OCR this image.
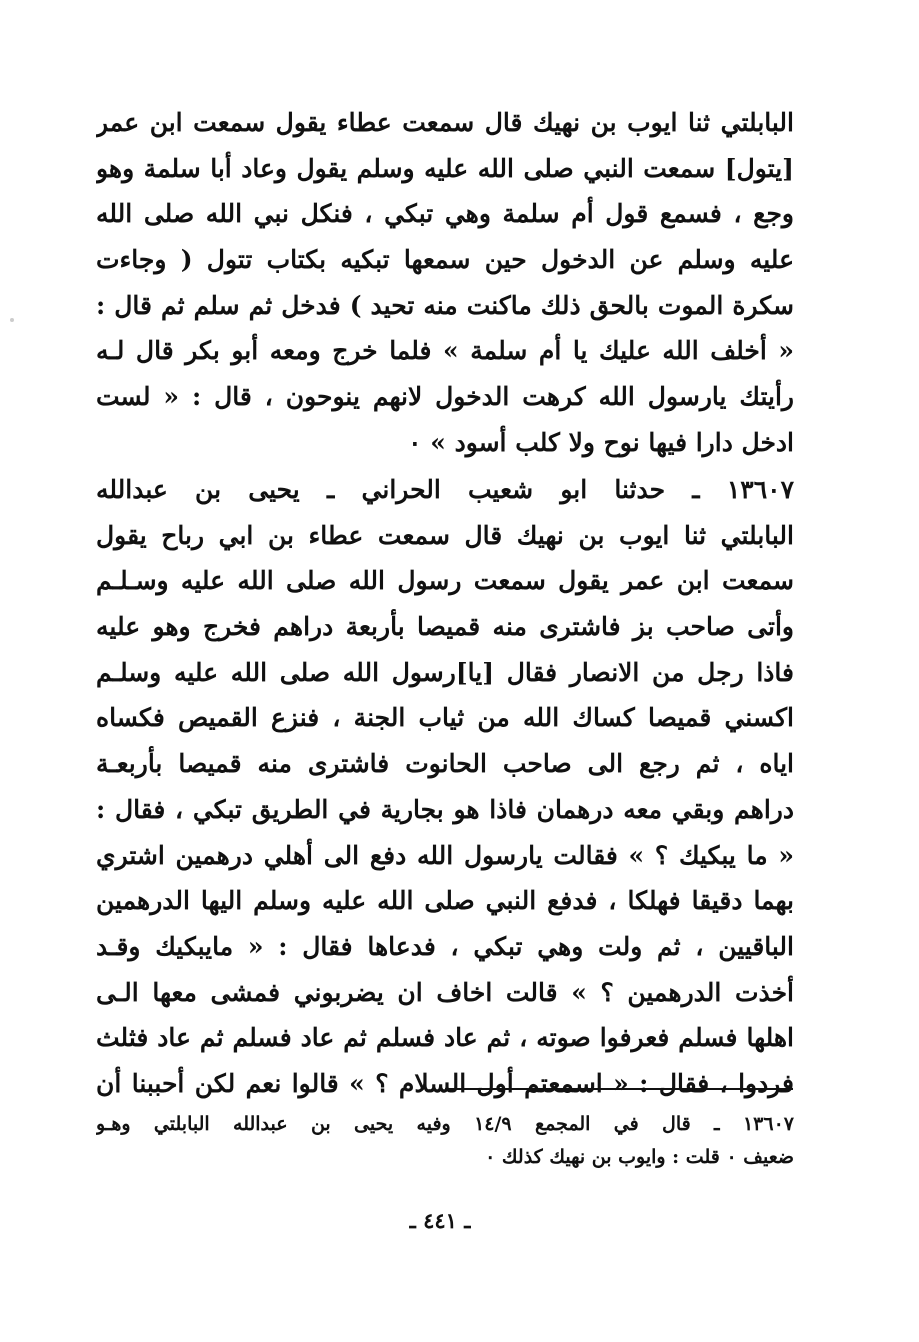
البابلتي ثنا ايوب بن نهيك قال سمعت عطاء يقول سمعت ابن عمر
[يتول] سمعت النبي صلى الله عليه وسلم يقول وعاد أبا سلمة وهو
وجع ، فسمع قول أم سلمة وهي تبكي ، فنكل نبي الله صلى الله
عليه وسلم عن الدخول حين سمعها تبكيه بكتاب تتول ( وجاءت
سكرة الموت بالحق ذلك ماكنت منه تحيد ) فدخل ثم سلم ثم قال :
« أخلف الله عليك يا أم سلمة » فلما خرج ومعه أبو بكر قال لـه
رأيتك يارسول الله كرهت الدخول لانهم ينوحون ، قال : « لست
ادخل دارا فيها نوح ولا كلب أسود » ٠
١٣٦٠٧ ـ حدثنا ابو شعيب الحراني ـ يحيى بن عبدالله
البابلتي ثنا ايوب بن نهيك قال سمعت عطاء بن ابي رباح يقول
سمعت ابن عمر يقول سمعت رسول الله صلى الله عليه وسـلـم
وأتى صاحب بز فاشترى منه قميصا بأربعة دراهم فخرج وهو عليه
فاذا رجل من الانصار فقال [يا]رسول الله صلى الله عليه وسلـم
اكسني قميصا كساك الله من ثياب الجنة ، فنزع القميص فكساه
اياه ، ثم رجع الى صاحب الحانوت فاشترى منه قميصا بأربعـة
دراهم وبقي معه درهمان فاذا هو بجارية في الطريق تبكي ، فقال :
« ما يبكيك ؟ » فقالت يارسول الله دفع الى أهلي درهمين اشتري
بهما دقيقا فهلكا ، فدفع النبي صلى الله عليه وسلم اليها الدرهمين
الباقيين ، ثم ولت وهي تبكي ، فدعاها فقال : « مايبكيك وقـد
أخذت الدرهمين ؟ » قالت اخاف ان يضربوني فمشى معها الـى
اهلها فسلم فعرفوا صوته ، ثم عاد فسلم ثم عاد فسلم ثم عاد فثلث
فردوا ، فقال : « اسمعتم أول السلام ؟ » قالوا نعم لكن أحببنا أن
١٣٦٠٧ ـ قال في المجمع ١٤/٩ وفيه يحيى بن عبدالله البابلتي وهـو
ضعيف ٠ قلت : وايوب بن نهيك كذلك ٠
ـ ٤٤١ ـ
